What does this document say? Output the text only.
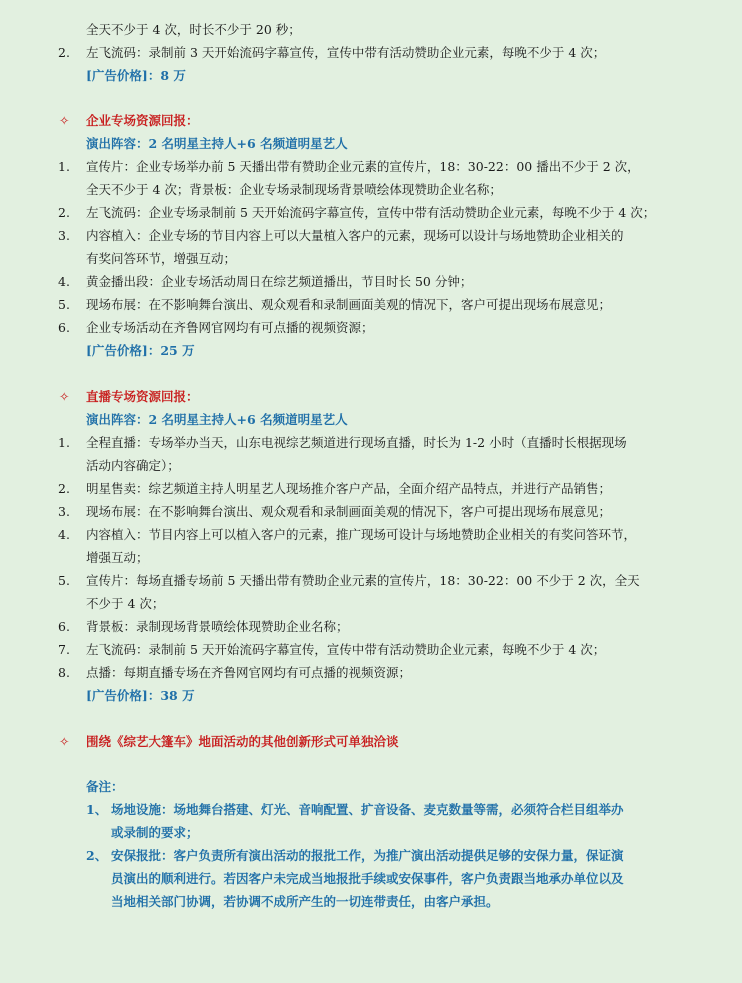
全天不少于 4 次，时长不少于 20 秒；
2. 左飞流码：录制前 3 天开始流码字幕宣传，宣传中带有活动赞助企业元素，每晚不少于 4 次；
[广告价格]：8 万
✧ 企业专场资源回报：
演出阵容：2 名明星主持人+6 名频道明星艺人
1. 宣传片：企业专场举办前 5 天播出带有赞助企业元素的宣传片，18：30-22：00 播出不少于 2 次，
全天不少于 4 次；背景板：企业专场录制现场背景喷绘体现赞助企业名称；
2. 左飞流码：企业专场录制前 5 天开始流码字幕宣传，宣传中带有活动赞助企业元素，每晚不少于 4 次；
3. 内容植入：企业专场的节目内容上可以大量植入客户的元素，现场可以设计与场地赞助企业相关的
有奖问答环节，增强互动；
4. 黄金播出段：企业专场活动周日在综艺频道播出，节目时长 50 分钟；
5. 现场布展：在不影响舞台演出、观众观看和录制画面美观的情况下，客户可提出现场布展意见；
6. 企业专场活动在齐鲁网官网均有可点播的视频资源；
[广告价格]：25 万
✧ 直播专场资源回报：
演出阵容：2 名明星主持人+6 名频道明星艺人
1. 全程直播：专场举办当天，山东电视综艺频道进行现场直播，时长为 1-2 小时（直播时长根据现场
活动内容确定）；
2. 明星售卖：综艺频道主持人明星艺人现场推介客户产品，全面介绍产品特点，并进行产品销售；
3. 现场布展：在不影响舞台演出、观众观看和录制画面美观的情况下，客户可提出现场布展意见；
4. 内容植入：节目内容上可以植入客户的元素，推广现场可设计与场地赞助企业相关的有奖问答环节，
增强互动；
5. 宣传片：每场直播专场前 5 天播出带有赞助企业元素的宣传片，18：30-22：00 不少于 2 次，全天
不少于 4 次；
6. 背景板：录制现场背景喷绘体现赞助企业名称；
7. 左飞流码：录制前 5 天开始流码字幕宣传，宣传中带有活动赞助企业元素，每晚不少于 4 次；
8. 点播：每期直播专场在齐鲁网官网均有可点播的视频资源；
[广告价格]：38 万
✧ 围绕《综艺大篷车》地面活动的其他创新形式可单独洽谈
备注：
1、 场地设施：场地舞台搭建、灯光、音响配置、扩音设备、麦克数量等需，必须符合栏目组举办
或录制的要求；
2、 安保报批：客户负责所有演出活动的报批工作，为推广演出活动提供足够的安保力量，保证演
员演出的顺利进行。若因客户未完成当地报批手续或安保事件，客户负责跟当地承办单位以及
当地相关部门协调，若协调不成所产生的一切连带责任，由客户承担。
